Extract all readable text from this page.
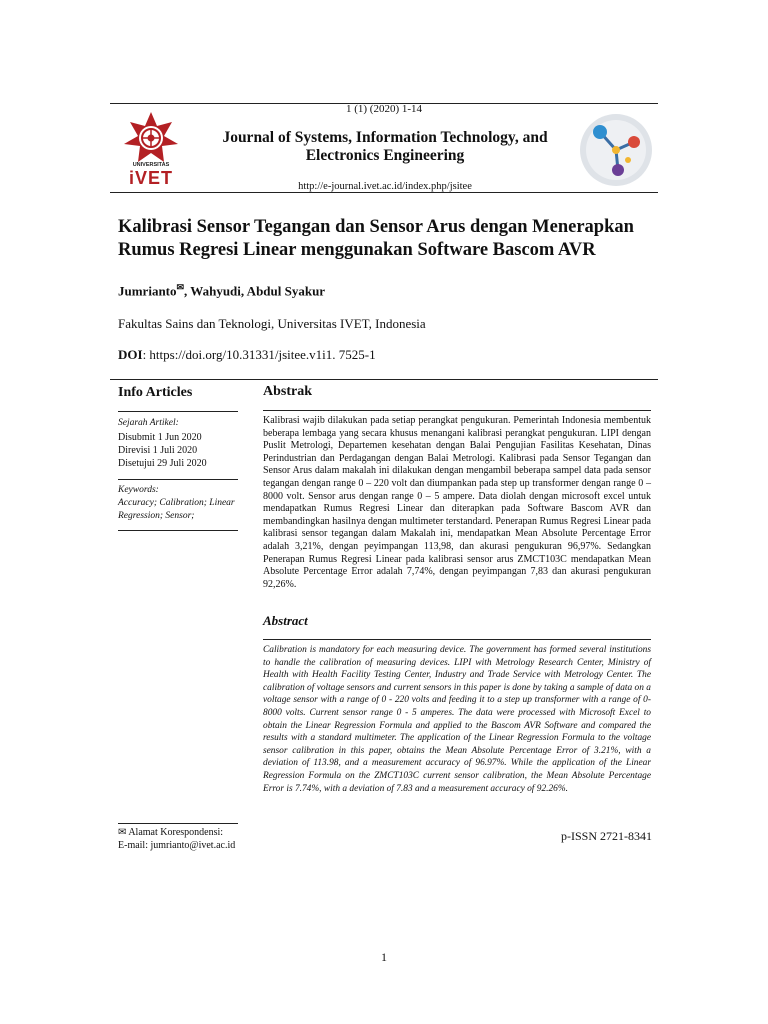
1 (1) (2020) 1-14
UNIVERSITAS
iVET
Journal of Systems, Information Technology, and Electronics Engineering
http://e-journal.ivet.ac.id/index.php/jsitee
Kalibrasi Sensor Tegangan dan Sensor Arus dengan Menerapkan Rumus Regresi Linear menggunakan Software Bascom AVR
Jumrianto✉, Wahyudi, Abdul Syakur
Fakultas Sains dan Teknologi, Universitas IVET, Indonesia
DOI: https://doi.org/10.31331/jsitee.v1i1. 7525-1
Info Articles
Sejarah Artikel:
Disubmit 1 Jun 2020
Direvisi 1 Juli 2020
Disetujui 29 Juli 2020
Keywords:
Accuracy; Calibration; Linear Regression; Sensor;
Abstrak
Kalibrasi wajib dilakukan pada setiap perangkat pengukuran. Pemerintah Indonesia membentuk beberapa lembaga yang secara khusus menangani kalibrasi perangkat pengukuran. LIPI dengan Puslit Metrologi, Departemen kesehatan dengan Balai Pengujian Fasilitas Kesehatan, Dinas Perindustrian dan Perdagangan dengan Balai Metrologi. Kalibrasi pada Sensor Tegangan dan Sensor Arus dalam makalah ini dilakukan dengan mengambil beberapa sampel data pada sensor tegangan dengan range 0 – 220 volt dan diumpankan pada step up transformer dengan range 0 – 8000 volt. Sensor arus dengan range 0 – 5 ampere. Data diolah dengan microsoft excel untuk mendapatkan Rumus Regresi Linear dan diterapkan pada Software Bascom AVR dan membandingkan hasilnya dengan multimeter terstandard. Penerapan Rumus Regresi Linear pada kalibrasi sensor tegangan dalam Makalah ini, mendapatkan Mean Absolute Percentage Error adalah 3,21%, dengan peyimpangan 113,98, dan akurasi pengukuran 96,97%. Sedangkan Penerapan Rumus Regresi Linear pada kalibrasi sensor arus ZMCT103C mendapatkan Mean Absolute Percentage Error adalah 7,74%, dengan peyimpangan 7,83 dan akurasi pengukuran 92,26%.
Abstract
Calibration is mandatory for each measuring device. The government has formed several institutions to handle the calibration of measuring devices. LIPI with Metrology Research Center, Ministry of Health with Health Facility Testing Center, Industry and Trade Service with Metrology Center. The calibration of voltage sensors and current sensors in this paper is done by taking a sample of data on a voltage sensor with a range of 0 - 220 volts and feeding it to a step up transformer with a range of 0-8000 volts. Current sensor range 0 - 5 amperes. The data were processed with Microsoft Excel to obtain the Linear Regression Formula and applied to the Bascom AVR Software and compared the results with a standard multimeter. The application of the Linear Regression Formula to the voltage sensor calibration in this paper, obtains the Mean Absolute Percentage Error of 3.21%, with a deviation of 113.98, and a measurement accuracy of 96.97%. While the application of the Linear Regression Formula on the ZMCT103C current sensor calibration, the Mean Absolute Percentage Error is 7.74%, with a deviation of 7.83 and a measurement accuracy of 92.26%.
✉ Alamat Korespondensi:
E-mail: jumrianto@ivet.ac.id
p-ISSN 2721-8341
1
